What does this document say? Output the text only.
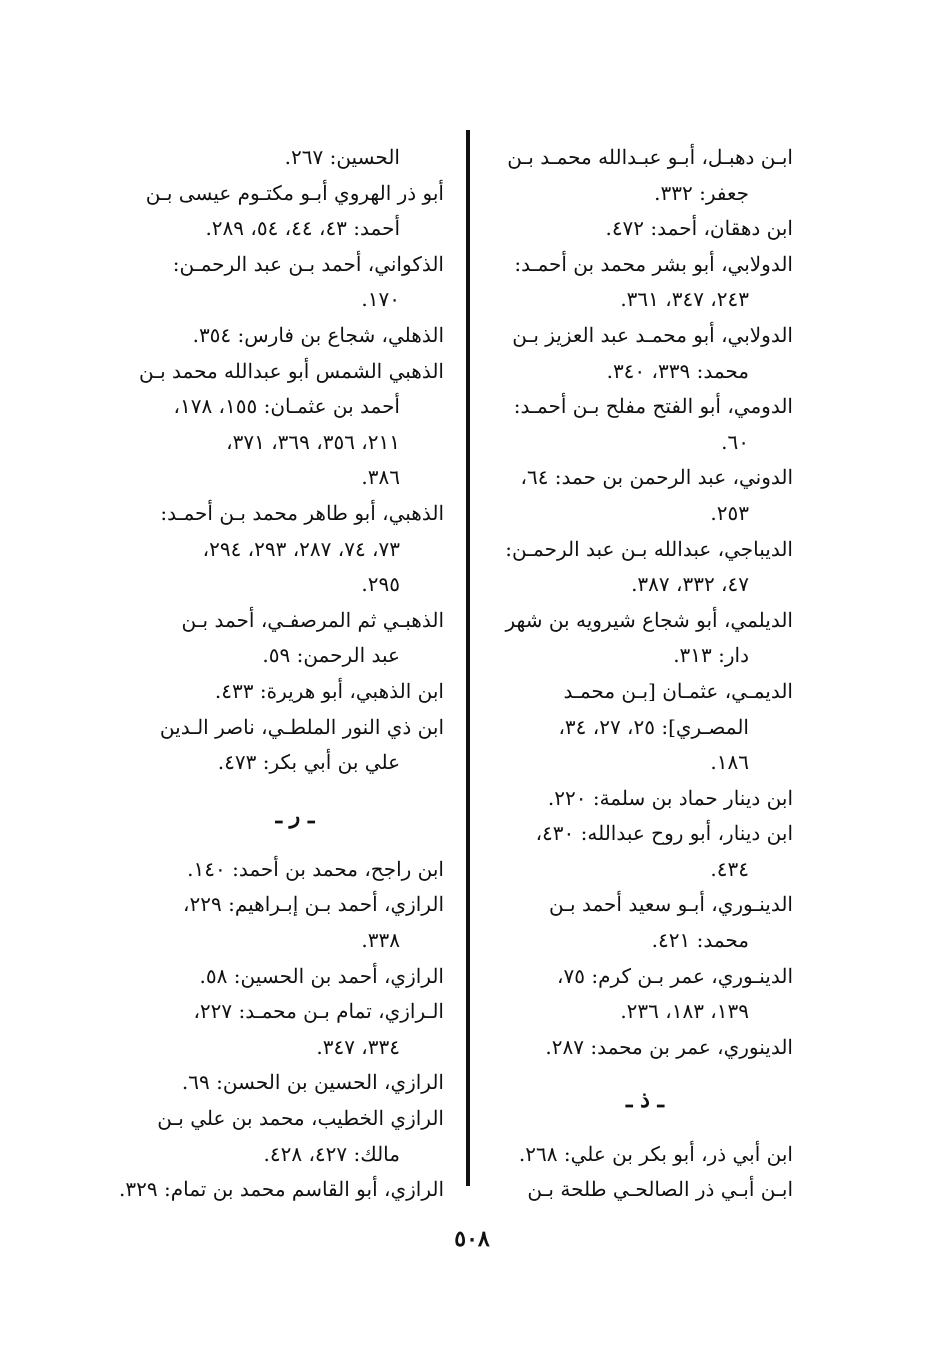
ابـن دهبـل، أبـو عبـدالله محمـد بـن
جعفر: ٣٣٢.
ابن دهقان، أحمد: ٤٧٢.
الدولابي، أبو بشر محمد بن أحمـد:
٢٤٣، ٣٤٧، ٣٦١.
الدولابي، أبو محمـد عبد العزيز بـن
محمد: ٣٣٩، ٣٤٠.
الدومي، أبو الفتح مفلح بـن أحمـد:
٦٠.
الدوني، عبد الرحمن بن حمد: ٦٤،
٢٥٣.
الديباجي، عبدالله بـن عبد الرحمـن:
٤٧، ٣٣٢، ٣٨٧.
الديلمي، أبو شجاع شيرويه بن شهر
دار: ٣١٣.
الديمـي، عثمـان [بـن محمـد
المصـري]: ٢٥، ٢٧، ٣٤،
١٨٦.
ابن دينار حماد بن سلمة: ٢٢٠.
ابن دينار، أبو روح عبدالله: ٤٣٠،
٤٣٤.
الدينـوري، أبـو سعيد أحمد بـن
محمد: ٤٢١.
الدينـوري، عمر بـن كرم: ٧٥،
١٣٩، ١٨٣، ٢٣٦.
الدينوري، عمر بن محمد: ٢٨٧.
ـ ذ ـ
ابن أبي ذر، أبو بكر بن علي: ٢٦٨.
ابـن أبـي ذر الصالحـي طلحة بـن
الحسين: ٢٦٧.
أبو ذر الهروي أبـو مكتـوم عيسى بـن
أحمد: ٤٣، ٤٤، ٥٤، ٢٨٩.
الذكواني، أحمد بـن عبد الرحمـن:
١٧٠.
الذهلي، شجاع بن فارس: ٣٥٤.
الذهبي الشمس أبو عبدالله محمد بـن
أحمد بن عثمـان: ١٥٥، ١٧٨،
٢١١، ٣٥٦، ٣٦٩، ٣٧١،
٣٨٦.
الذهبي، أبو طاهر محمد بـن أحمـد:
٧٣، ٧٤، ٢٨٧، ٢٩٣، ٢٩٤،
٢٩٥.
الذهبـي ثم المرصفـي، أحمد بـن
عبد الرحمن: ٥٩.
ابن الذهبي، أبو هريرة: ٤٣٣.
ابن ذي النور الملطـي، ناصر الـدين
علي بن أبي بكر: ٤٧٣.
ـ ر ـ
ابن راجح، محمد بن أحمد: ١٤٠.
الرازي، أحمد بـن إبـراهيم: ٢٢٩،
٣٣٨.
الرازي، أحمد بن الحسين: ٥٨.
الـرازي، تمام بـن محمـد: ٢٢٧،
٣٣٤، ٣٤٧.
الرازي، الحسين بن الحسن: ٦٩.
الرازي الخطيب، محمد بن علي بـن
مالك: ٤٢٧، ٤٢٨.
الرازي، أبو القاسم محمد بن تمام: ٣٢٩.
٥٠٨
